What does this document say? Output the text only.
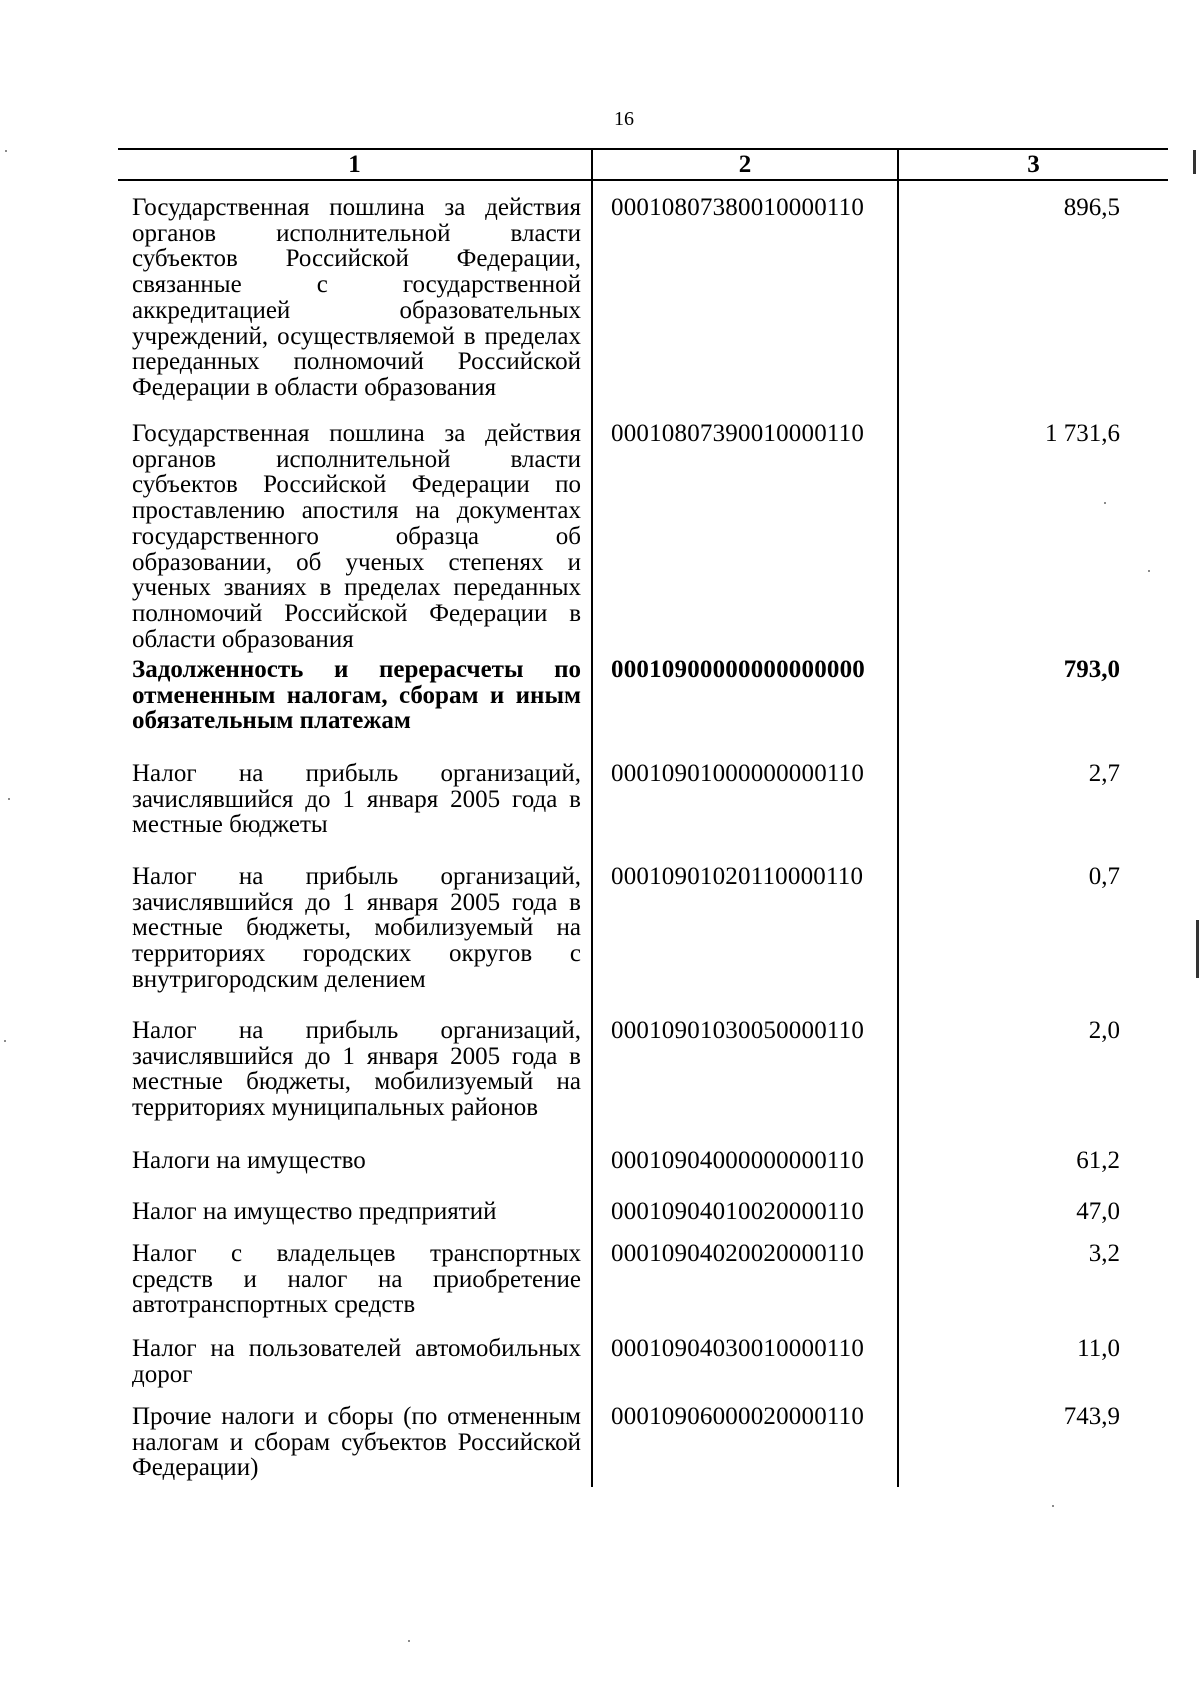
16
1	2	3
Государственная пошлина за действия органов исполнительной власти субъектов Российской Федерации, связанные с государственной аккредитацией образовательных учреждений, осуществляемой в пределах переданных полномочий Российской Федерации в области образования	00010807380010000110	896,5
Государственная пошлина за действия органов исполнительной власти субъектов Российской Федерации по проставлению апостиля на документах государственного образца об образовании, об ученых степенях и ученых званиях в пределах переданных полномочий Российской Федерации в области образования	00010807390010000110	1 731,6
Задолженность и перерасчеты по отмененным налогам, сборам и иным обязательным платежам	00010900000000000000	793,0
Налог на прибыль организаций, зачислявшийся до 1 января 2005 года в местные бюджеты	00010901000000000110	2,7
Налог на прибыль организаций, зачислявшийся до 1 января 2005 года в местные бюджеты, мобилизуемый на территориях городских округов с внутригородским делением	00010901020110000110	0,7
Налог на прибыль организаций, зачислявшийся до 1 января 2005 года в местные бюджеты, мобилизуемый на территориях муниципальных районов	00010901030050000110	2,0
Налоги на имущество	00010904000000000110	61,2
Налог на имущество предприятий	00010904010020000110	47,0
Налог с владельцев транспортных средств и налог на приобретение автотранспортных средств	00010904020020000110	3,2
Налог на пользователей автомобильных дорог	00010904030010000110	11,0
Прочие налоги и сборы (по отмененным налогам и сборам субъектов Российской Федерации)	00010906000020000110	743,9
